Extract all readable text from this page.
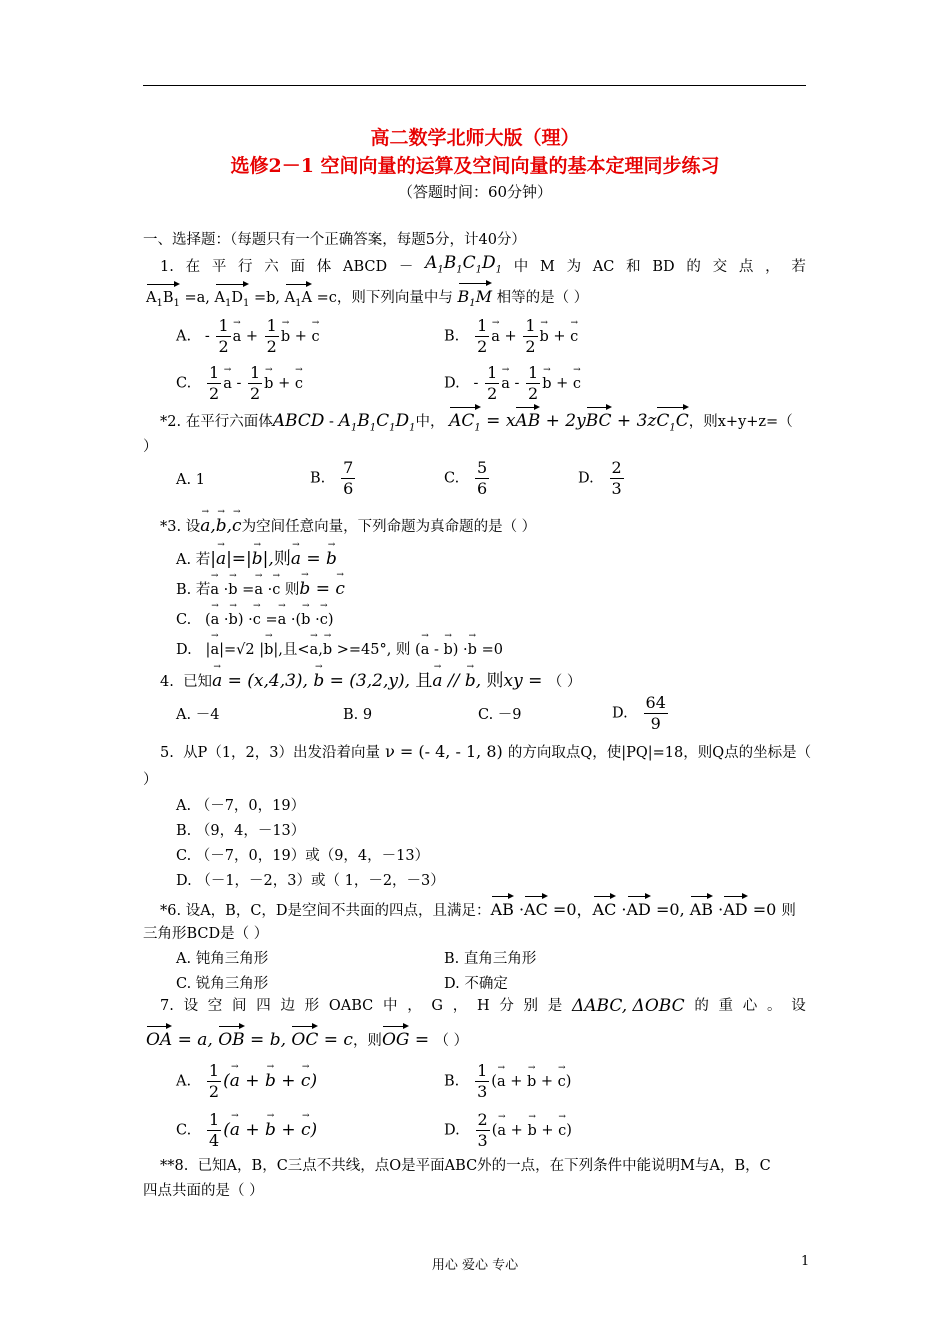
高二数学北师大版（理）
选修2－1 空间向量的运算及空间向量的基本定理同步练习
（答题时间：60分钟）
一、选择题：（每题只有一个正确答案，每题5分，计40分）
1. 在 平 行 六 面 体 ABCD － $A_1B_1C_1D_1$ 中 M 为 AC 和 BD 的 交 点 ， 若
$A_1B_1 =a$, $A_1D_1 =b$, $A_1A =c$，则下列向量中与 $B_1M$ 相等的是（ ）
A.   - $\frac{1}{2}$
→ $a + \frac{1}{2}$
→ b + → c	B. $\frac{1}{2}$
→ $a + \frac{1}{2}$
→ b + → c
C. $\frac{1}{2}$
→ a - $\frac{1}{2}$
→ b + → c	D.   - $\frac{1}{2}$
→ a - $\frac{1}{2}$
→ b + → c
*2. 在平行六面体ABCD - $A_1B_1C_1D_1$中， $AC_1$ = xAB + $2yBC + 3zC_1C$，则x+y+z=（
）
A. 1	B. $\frac{7}{6}$	C. $\frac{5}{6}$	D. $\frac{2}{3}$
*3. 设→ a,→ b,→ c为空间任意向量，下列命题为真命题的是（ ）
A. 若|→ a|=|→ b|,则→ a = → b
B. 若→ a ·→ b =→ a ·→ c 则→ b = → c
C.   (→ a ·→ b) ·→ c =→ a ·(→ b ·→ c)
D.   |→ a|=√2 |→ b|,且<→ a,→ b >=45°, 则 (→ a - → b) ·→ b =0
4. 已知→ a = (x,4,3), → b = (3,2,y), 且→ a // → b, 则xy = （ ）
A. －4	B. 9	C. －9	D. $\frac{64}{9}$
5. 从P（1，2，3）出发沿着向量 ν = (- 4, - 1, 8) 的方向取点Q，使|PQ|=18，则Q点的坐标是（
）
A. （－7，0，19）
B. （9，4，－13）
C. （－7，0，19）或（9，4，－13）
D. （－1，－2，3）或（ 1，－2，－3）
*6. 设A，B，C，D是空间不共面的四点，且满足：AB ·AC =0，AC ·AD =0, AB ·AD =0 则
三角形BCD是（ ）
A. 钝角三角形	B. 直角三角形
C. 锐角三角形	D. 不确定
7. 设 空 间 四 边 形 OABC 中 ， G ， H 分 别 是 ΔABC, ΔOBC 的 重 心 。 设
OA = a, OB = b, OC = c，则OG = （ ）
A. $\frac{1}{2}$ (→ a + → b + → c)	B. $\frac{1}{3}$ (→ a + → b + → c)
C. $\frac{1}{4}$ (→ a + → b + → c)	D. $\frac{2}{3}$ (→ a + → b + → c)
**8. 已知A，B，C三点不共线，点O是平面ABC外的一点，在下列条件中能说明M与A，B，C
四点共面的是（ ）
用心 爱心 专心	1
